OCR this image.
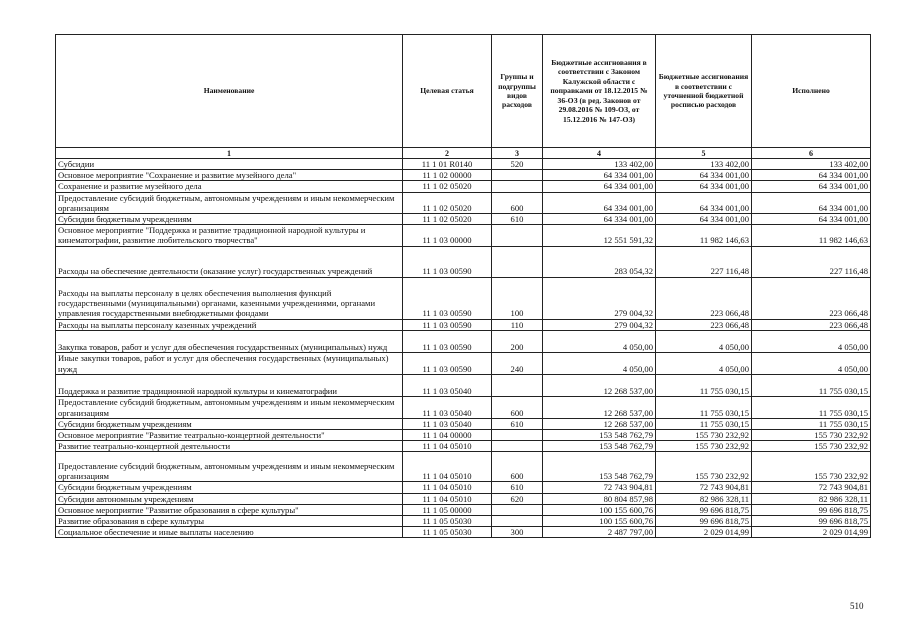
Наименование	Целевая статья	Группы и подгруппы видов расходов	Бюджетные ассигнования в соответствии с Законом Калужской области с поправками от 18.12.2015 № 36-ОЗ (в ред. Законов от 29.08.2016 № 109-ОЗ, от 15.12.2016 № 147-ОЗ)	Бюджетные ассигнования в соответствии с уточненной бюджетной росписью расходов	Исполнено
1	2	3	4	5	6
Субсидии	11 1 01 R0140	520	133 402,00	133 402,00	133 402,00
Основное мероприятие "Сохранение и развитие музейного дела"	11 1 02 00000		64 334 001,00	64 334 001,00	64 334 001,00
Сохранение и развитие музейного дела	11 1 02 05020		64 334 001,00	64 334 001,00	64 334 001,00
Предоставление субсидий бюджетным, автономным учреждениям и иным некоммерческим организациям	11 1 02 05020	600	64 334 001,00	64 334 001,00	64 334 001,00
Субсидии бюджетным учреждениям	11 1 02 05020	610	64 334 001,00	64 334 001,00	64 334 001,00
Основное мероприятие "Поддержка и развитие традиционной народной культуры и кинематографии, развитие любительского творчества"	11 1 03 00000		12 551 591,32	11 982 146,63	11 982 146,63
Расходы на обеспечение деятельности (оказание услуг) государственных учреждений	11 1 03 00590		283 054,32	227 116,48	227 116,48
Расходы на выплаты персоналу в целях обеспечения выполнения функций государственными (муниципальными) органами, казенными учреждениями, органами управления государственными внебюджетными фондами	11 1 03 00590	100	279 004,32	223 066,48	223 066,48
Расходы на выплаты персоналу казенных учреждений	11 1 03 00590	110	279 004,32	223 066,48	223 066,48
Закупка товаров, работ и услуг для обеспечения государственных (муниципальных) нужд	11 1 03 00590	200	4 050,00	4 050,00	4 050,00
Иные закупки товаров, работ и услуг для обеспечения государственных (муниципальных) нужд	11 1 03 00590	240	4 050,00	4 050,00	4 050,00
Поддержка и развитие традиционной народной культуры и кинематографии	11 1 03 05040		12 268 537,00	11 755 030,15	11 755 030,15
Предоставление субсидий бюджетным, автономным учреждениям и иным некоммерческим организациям	11 1 03 05040	600	12 268 537,00	11 755 030,15	11 755 030,15
Субсидии бюджетным учреждениям	11 1 03 05040	610	12 268 537,00	11 755 030,15	11 755 030,15
Основное мероприятие "Развитие театрально-концертной деятельности"	11 1 04 00000		153 548 762,79	155 730 232,92	155 730 232,92
Развитие театрально-концертной деятельности	11 1 04 05010		153 548 762,79	155 730 232,92	155 730 232,92
Предоставление субсидий бюджетным, автономным учреждениям и иным некоммерческим организациям	11 1 04 05010	600	153 548 762,79	155 730 232,92	155 730 232,92
Субсидии бюджетным учреждениям	11 1 04 05010	610	72 743 904,81	72 743 904,81	72 743 904,81
Субсидии автономным учреждениям	11 1 04 05010	620	80 804 857,98	82 986 328,11	82 986 328,11
Основное мероприятие "Развитие образования в сфере культуры"	11 1 05 00000		100 155 600,76	99 696 818,75	99 696 818,75
Развитие образования в сфере культуры	11 1 05 05030		100 155 600,76	99 696 818,75	99 696 818,75
Социальное обеспечение и иные выплаты населению	11 1 05 05030	300	2 487 797,00	2 029 014,99	2 029 014,99
510
